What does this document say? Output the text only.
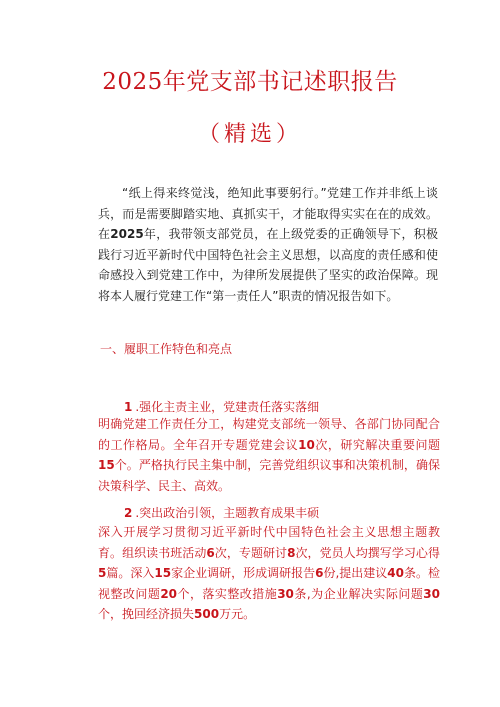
2025年党支部书记述职报告
（精选）
“纸上得来终觉浅，绝知此事要躬行。”党建工作并非纸上谈兵，而是需要脚踏实地、真抓实干，才能取得实实在在的成效。在2025年，我带领支部党员，在上级党委的正确领导下，积极践行习近平新时代中国特色社会主义思想，以高度的责任感和使命感投入到党建工作中，为律所发展提供了坚实的政治保障。现将本人履行党建工作“第一责任人”职责的情况报告如下。
一、履职工作特色和亮点
1 .强化主责主业，党建责任落实落细
明确党建工作责任分工，构建党支部统一领导、各部门协同配合的工作格局。全年召开专题党建会议10次，研究解决重要问题15个。严格执行民主集中制，完善党组织议事和决策机制，确保决策科学、民主、高效。
2 .突出政治引领，主题教育成果丰硕
深入开展学习贯彻习近平新时代中国特色社会主义思想主题教育。组织读书班活动6次，专题研讨8次，党员人均撰写学习心得5篇。深入15家企业调研，形成调研报告6份,提出建议40条。检视整改问题20个，落实整改措施30条,为企业解决实际问题30个，挽回经济损失500万元。
